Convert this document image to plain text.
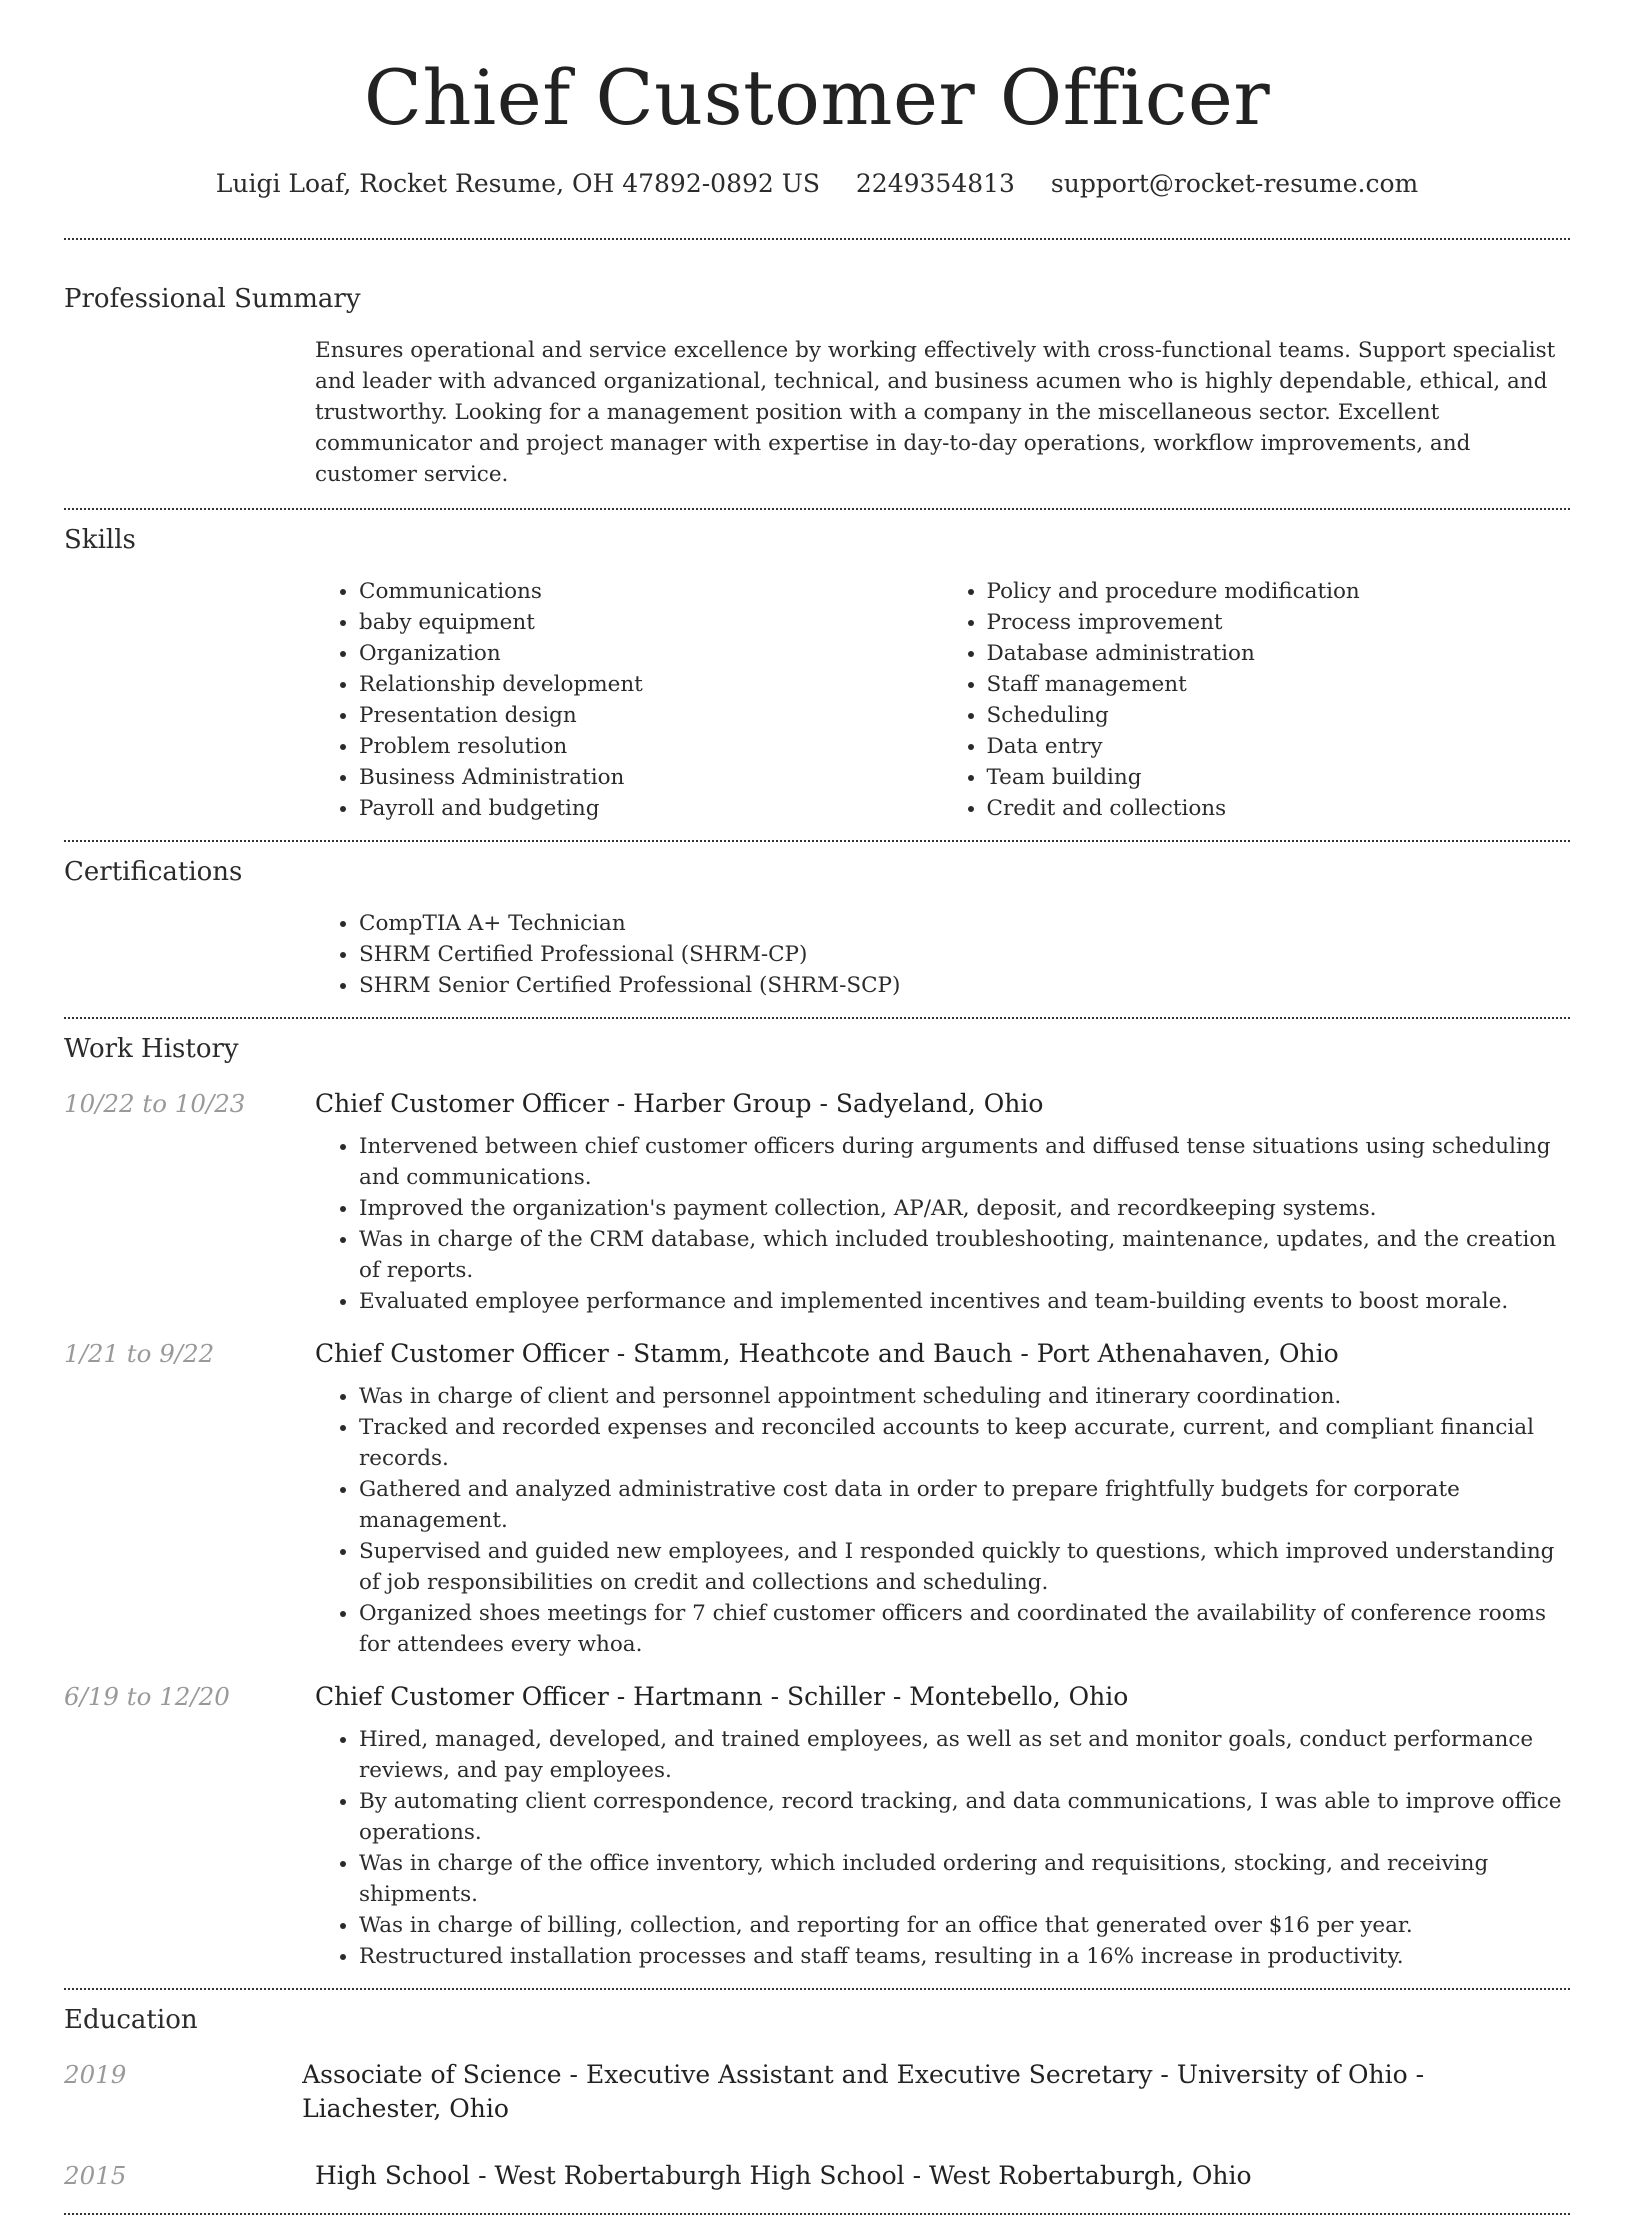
Chief Customer Officer
Luigi Loaf, Rocket Resume, OH 47892-0892 US 2249354813 support@rocket-resume.com
Professional Summary
Ensures operational and service excellence by working effectively with cross-functional teams. Support specialist and leader with advanced organizational, technical, and business acumen who is highly dependable, ethical, and trustworthy. Looking for a management position with a company in the miscellaneous sector. Excellent communicator and project manager with expertise in day-to-day operations, workflow improvements, and customer service.
Skills
• Communications
• baby equipment
• Organization
• Relationship development
• Presentation design
• Problem resolution
• Business Administration
• Payroll and budgeting
• Policy and procedure modification
• Process improvement
• Database administration
• Staff management
• Scheduling
• Data entry
• Team building
• Credit and collections
Certifications
• CompTIA A+ Technician
• SHRM Certified Professional (SHRM-CP)
• SHRM Senior Certified Professional (SHRM-SCP)
Work History
10/22 to 10/23	Chief Customer Officer - Harber Group - Sadyeland, Ohio
• Intervened between chief customer officers during arguments and diffused tense situations using scheduling and communications.
• Improved the organization's payment collection, AP/AR, deposit, and recordkeeping systems.
• Was in charge of the CRM database, which included troubleshooting, maintenance, updates, and the creation of reports.
• Evaluated employee performance and implemented incentives and team-building events to boost morale.
1/21 to 9/22	Chief Customer Officer - Stamm, Heathcote and Bauch - Port Athenahaven, Ohio
• Was in charge of client and personnel appointment scheduling and itinerary coordination.
• Tracked and recorded expenses and reconciled accounts to keep accurate, current, and compliant financial records.
• Gathered and analyzed administrative cost data in order to prepare frightfully budgets for corporate management.
• Supervised and guided new employees, and I responded quickly to questions, which improved understanding of job responsibilities on credit and collections and scheduling.
• Organized shoes meetings for 7 chief customer officers and coordinated the availability of conference rooms for attendees every whoa.
6/19 to 12/20	Chief Customer Officer - Hartmann - Schiller - Montebello, Ohio
• Hired, managed, developed, and trained employees, as well as set and monitor goals, conduct performance reviews, and pay employees.
• By automating client correspondence, record tracking, and data communications, I was able to improve office operations.
• Was in charge of the office inventory, which included ordering and requisitions, stocking, and receiving shipments.
• Was in charge of billing, collection, and reporting for an office that generated over $16 per year.
• Restructured installation processes and staff teams, resulting in a 16% increase in productivity.
Education
2019	Associate of Science - Executive Assistant and Executive Secretary - University of Ohio - Liachester, Ohio
2015	High School - West Robertaburgh High School - West Robertaburgh, Ohio
